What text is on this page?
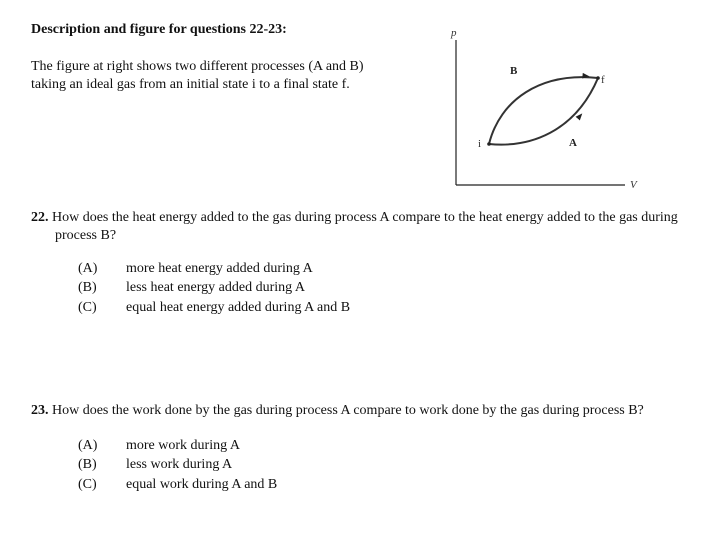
Description and figure for questions 22-23:
The figure at right shows two different processes (A and B)
taking an ideal gas from an initial state i to a final state f.
p
V
i
f
B
A
22. How does the heat energy added to the gas during process A compare to the heat energy added to the gas during
process B?
(A)	more heat energy added during A
(B)	less heat energy added during A
(C)	equal heat energy added during A and B
23. How does the work done by the gas during process A compare to work done by the gas during process B?
(A)	more work during A
(B)	less work during A
(C)	equal work during A and B
